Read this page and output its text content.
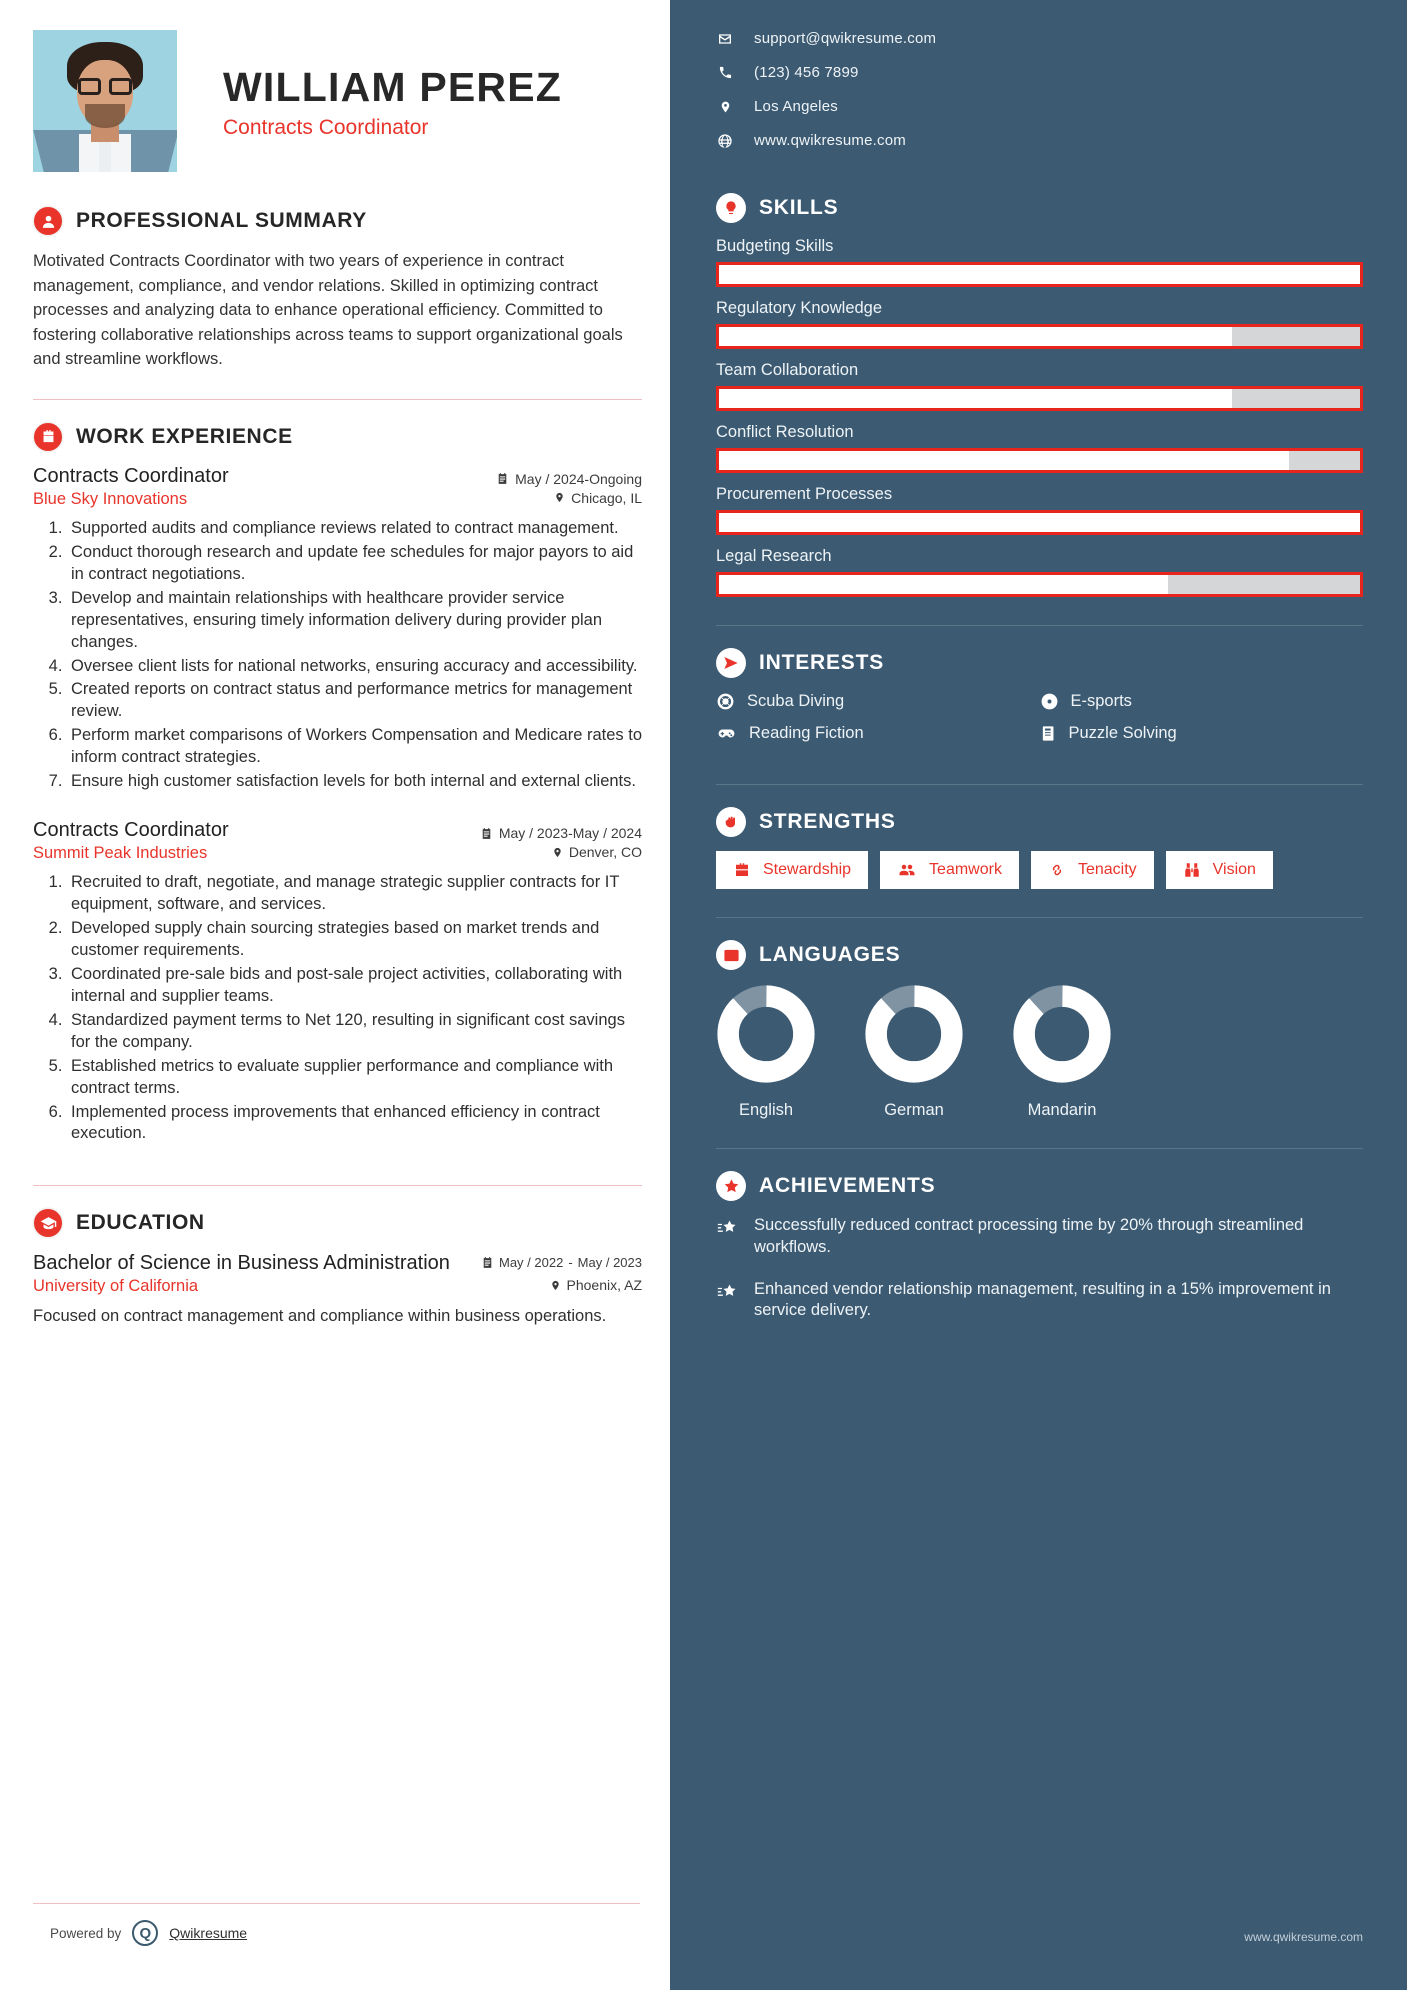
WILLIAM PEREZ
Contracts Coordinator
PROFESSIONAL SUMMARY
Motivated Contracts Coordinator with two years of experience in contract management, compliance, and vendor relations. Skilled in optimizing contract processes and analyzing data to enhance operational efficiency. Committed to fostering collaborative relationships across teams to support organizational goals and streamline workflows.
WORK EXPERIENCE
Contracts Coordinator	May / 2024-Ongoing
Blue Sky Innovations	Chicago, IL
1. Supported audits and compliance reviews related to contract management.
2. Conduct thorough research and update fee schedules for major payors to aid in contract negotiations.
3. Develop and maintain relationships with healthcare provider service representatives, ensuring timely information delivery during provider plan changes.
4. Oversee client lists for national networks, ensuring accuracy and accessibility.
5. Created reports on contract status and performance metrics for management review.
6. Perform market comparisons of Workers Compensation and Medicare rates to inform contract strategies.
7. Ensure high customer satisfaction levels for both internal and external clients.
Contracts Coordinator	May / 2023-May / 2024
Summit Peak Industries	Denver, CO
1. Recruited to draft, negotiate, and manage strategic supplier contracts for IT equipment, software, and services.
2. Developed supply chain sourcing strategies based on market trends and customer requirements.
3. Coordinated pre-sale bids and post-sale project activities, collaborating with internal and supplier teams.
4. Standardized payment terms to Net 120, resulting in significant cost savings for the company.
5. Established metrics to evaluate supplier performance and compliance with contract terms.
6. Implemented process improvements that enhanced efficiency in contract execution.
EDUCATION
Bachelor of Science in Business Administration	May / 2022 - May / 2023
University of California	Phoenix, AZ
Focused on contract management and compliance within business operations.
Powered by	Q	Qwikresume
support@qwikresume.com
(123) 456 7899
Los Angeles
www.qwikresume.com
SKILLS
Budgeting Skills
Regulatory Knowledge
Team Collaboration
Conflict Resolution
Procurement Processes
Legal Research
INTERESTS
Scuba Diving	E-sports
Reading Fiction	Puzzle Solving
STRENGTHS
Stewardship	Teamwork	Tenacity	Vision
LANGUAGES
English	German	Mandarin
ACHIEVEMENTS
Successfully reduced contract processing time by 20% through streamlined workflows.
Enhanced vendor relationship management, resulting in a 15% improvement in service delivery.
www.qwikresume.com
